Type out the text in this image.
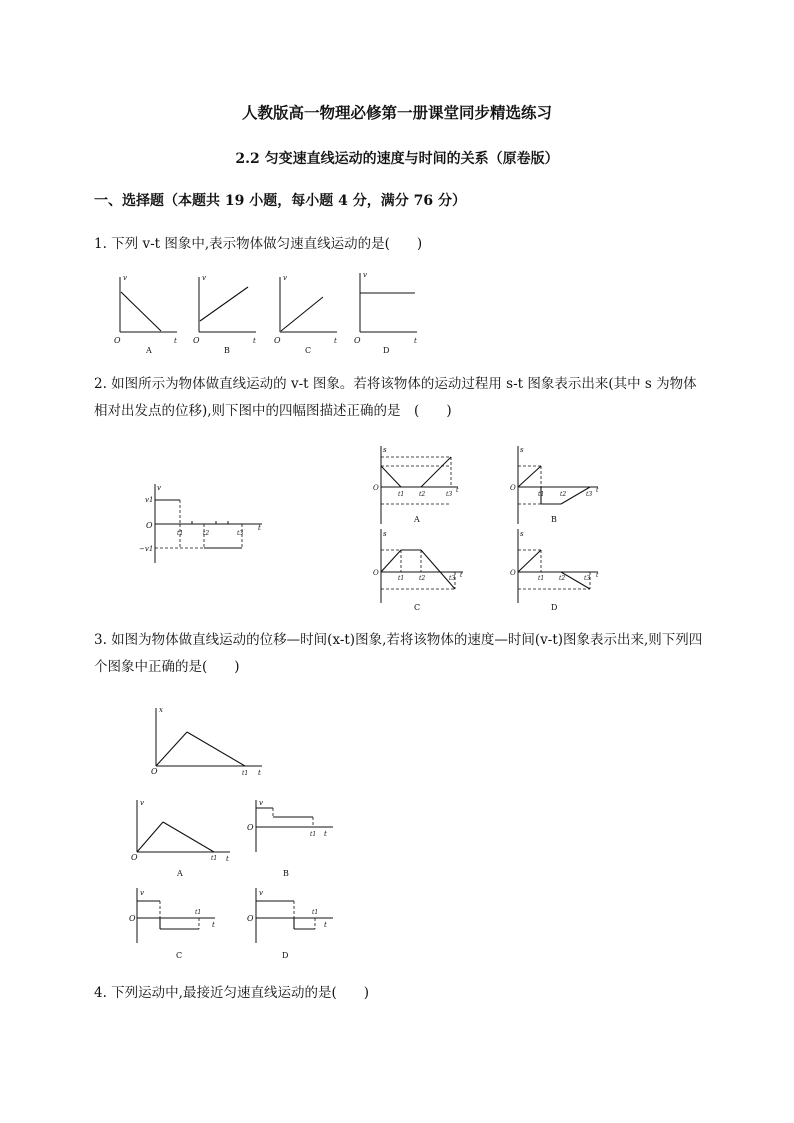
人教版高一物理必修第一册课堂同步精选练习
2.2 匀变速直线运动的速度与时间的关系（原卷版）
一、选择题（本题共 19 小题，每小题 4 分，满分 76 分）
1. 下列 v-t 图象中,表示物体做匀速直线运动的是(　　)
2. 如图所示为物体做直线运动的 v-t 图象。若将该物体的运动过程用 s-t 图象表示出来(其中 s 为物体相对出发点的位移),则下图中的四幅图描述正确的是　(　　)
3. 如图为物体做直线运动的位移—时间(x-t)图象,若将该物体的速度—时间(v-t)图象表示出来,则下列四个图象中正确的是(　　)
4. 下列运动中,最接近匀速直线运动的是(　　)
O
v
t
A
O
v
t
B
O
v
t
C
O
v
t
D
v
v1
O
−v1
t1	t2	t3
t
s
O
t1 t2	t3
t
A
s
O
t1	t2	t3
t
B
s
O
t1 t2	t3 t
C
s
O
t1 t2	t3 t
D
x
O	t1 t
v
O	t1 t
A
v
O
t1 t
B
v
O
t1
t
C
v
O
t1
t
D
